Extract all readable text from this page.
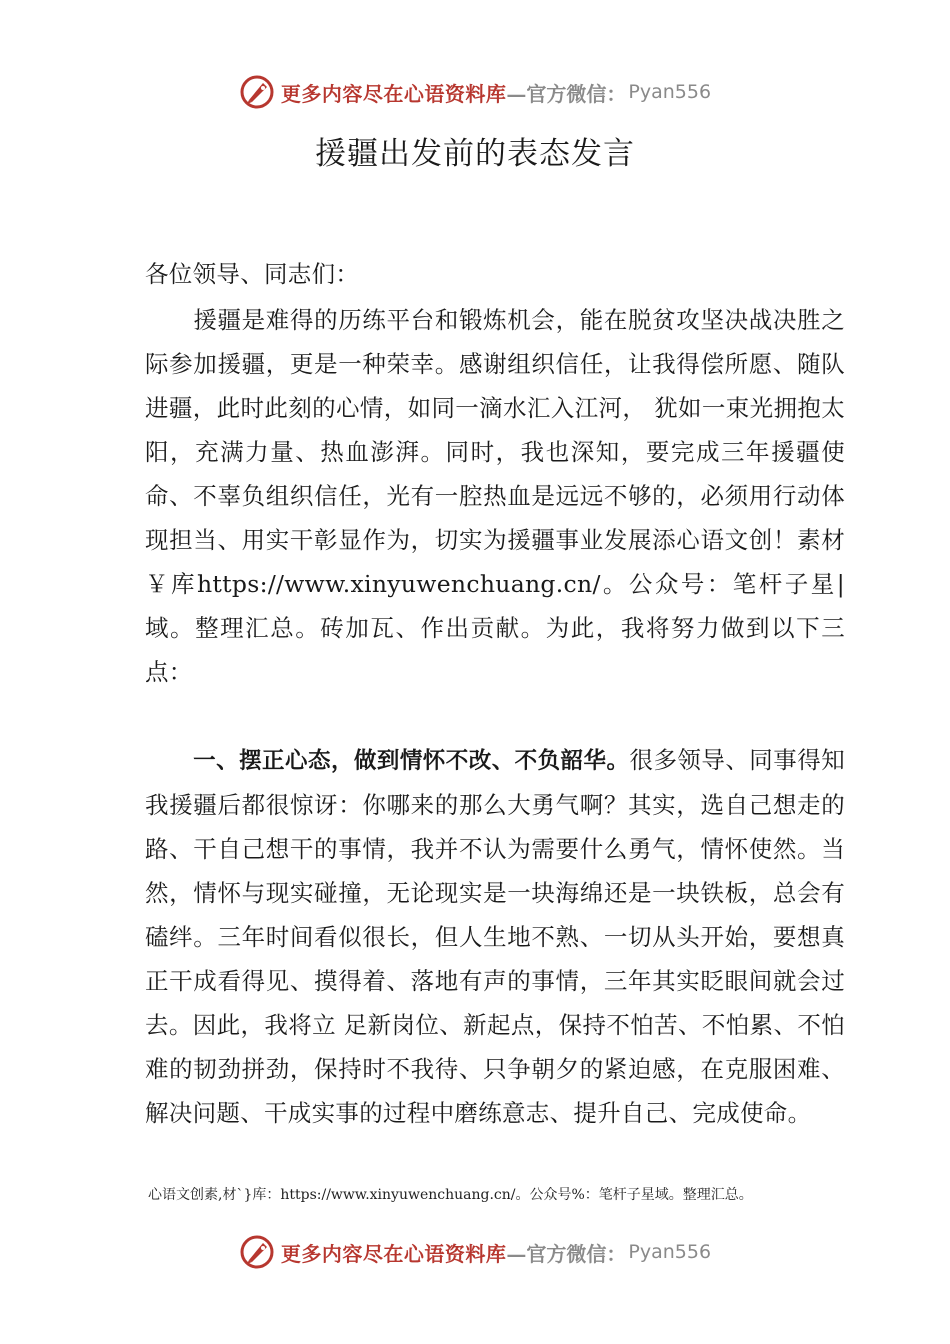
更多内容尽在心语资料库 —官方微信： Pyan556
援疆出发前的表态发言
各位领导、同志们：
援疆是难得的历练平台和锻炼机会，能在脱贫攻坚决战决胜之际参加援疆，更是一种荣幸。感谢组织信任，让我得偿所愿、随队进疆，此时此刻的心情，如同一滴水汇入江河， 犹如一束光拥抱太阳，充满力量、热血澎湃。同时，我也深知，要完成三年援疆使命、不辜负组织信任，光有一腔热血是远远不够的，必须用行动体现担当、用实干彰显作为，切实为援疆事业发展添心语文创！素材￥库https://www.xinyuwenchuang.cn/。公众号：笔杆子星|域。整理汇总。砖加瓦、作出贡献。为此，我将努力做到以下三点：
一、摆正心态，做到情怀不改、不负韶华。很多领导、同事得知我援疆后都很惊讶：你哪来的那么大勇气啊？其实，选自己想走的路、干自己想干的事情，我并不认为需要什么勇气，情怀使然。当然，情怀与现实碰撞，无论现实是一块海绵还是一块铁板，总会有磕绊。三年时间看似很长，但人生地不熟、一切从头开始，要想真正干成看得见、摸得着、落地有声的事情，三年其实眨眼间就会过去。因此，我将立 足新岗位、新起点，保持不怕苦、不怕累、不怕难的韧劲拼劲，保持时不我待、只争朝夕的紧迫感，在克服困难、解决问题、干成实事的过程中磨练意志、提升自己、完成使命。
心语文创素,材`}库：https://www.xinyuwenchuang.cn/。公众号%：笔杆子星域。整理汇总。
更多内容尽在心语资料库 —官方微信： Pyan556
